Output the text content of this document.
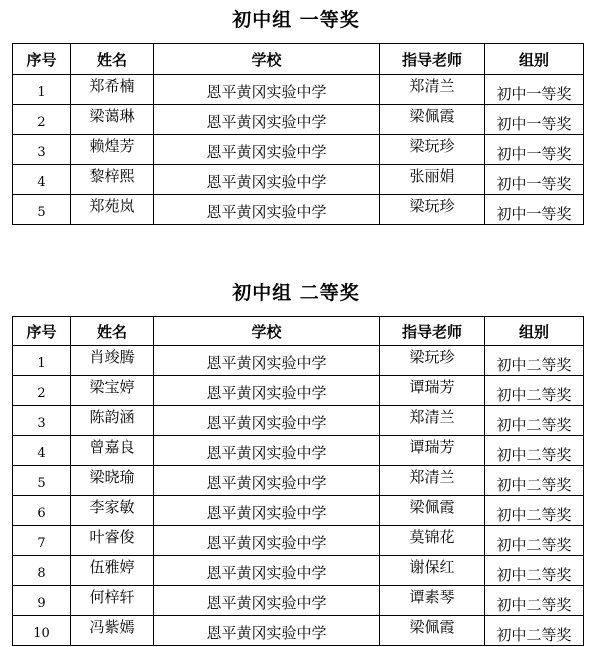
初中组 一等奖
序号	姓名	学校	指导老师	组别

1	郑希楠	恩平黄冈实验中学	郑清兰	初中一等奖

2	梁蔼琳	恩平黄冈实验中学	梁佩霞	初中一等奖

3	赖煌芳	恩平黄冈实验中学	梁玩珍	初中一等奖

4	黎梓熙	恩平黄冈实验中学	张丽娟	初中一等奖

5	郑苑岚	恩平黄冈实验中学	梁玩珍	初中一等奖
初中组 二等奖
序号	姓名	学校	指导老师	组别

1	肖竣腾	恩平黄冈实验中学	梁玩珍	初中二等奖

2	梁宝婷	恩平黄冈实验中学	谭瑞芳	初中二等奖

3	陈韵涵	恩平黄冈实验中学	郑清兰	初中二等奖

4	曾嘉良	恩平黄冈实验中学	谭瑞芳	初中二等奖

5	梁晓瑜	恩平黄冈实验中学	郑清兰	初中二等奖

6	李家敏	恩平黄冈实验中学	梁佩霞	初中二等奖

7	叶睿俊	恩平黄冈实验中学	莫锦花	初中二等奖

8	伍雅婷	恩平黄冈实验中学	谢保红	初中二等奖

9	何梓轩	恩平黄冈实验中学	谭素琴	初中二等奖

10	冯紫嫣	恩平黄冈实验中学	梁佩霞	初中二等奖
